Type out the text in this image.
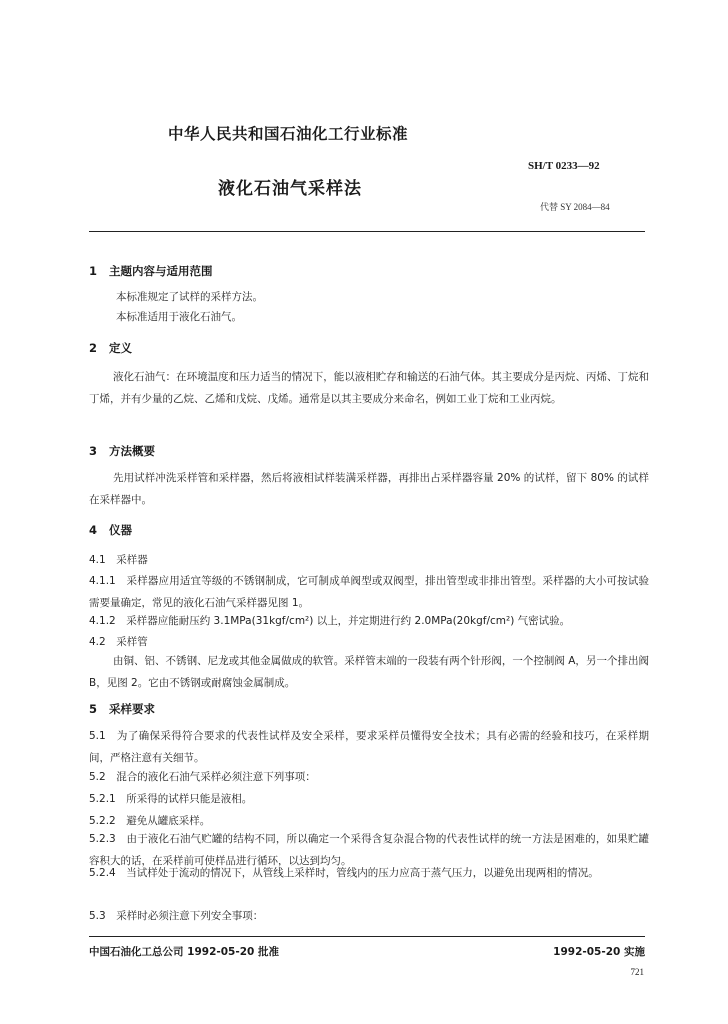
中华人民共和国石油化工行业标准
SH/T 0233—92
液化石油气采样法
代替 SY 2084—84
1 主题内容与适用范围
本标准规定了试样的采样方法。
本标准适用于液化石油气。
2 定义

液化石油气：在环境温度和压力适当的情况下，能以液相贮存和输送的石油气体。其主要成分是丙烷、丙烯、丁烷和丁烯，并有少量的乙烷、乙烯和戊烷、戊烯。通常是以其主要成分来命名，例如工业丁烷和工业丙烷。

3 方法概要

先用试样冲洗采样管和采样器，然后将液相试样装满采样器，再排出占采样器容量 20% 的试样，留下 80% 的试样在采样器中。

4 仪器
4.1　采样器

4.1.1　采样器应用适宜等级的不锈钢制成，它可制成单阀型或双阀型，排出管型或非排出管型。采样器的大小可按试验需要量确定，常见的液化石油气采样器见图 1。

4.1.2　采样器应能耐压约 3.1MPa(31kgf/cm²) 以上，并定期进行约 2.0MPa(20kgf/cm²) 气密试验。

4.2　采样管

由铜、铝、不锈钢、尼龙或其他金属做成的软管。采样管末端的一段装有两个针形阀，一个控制阀 A，另一个排出阀 B，见图 2。它由不锈钢或耐腐蚀金属制成。

5 采样要求

5.1　为了确保采得符合要求的代表性试样及安全采样，要求采样员懂得安全技术；具有必需的经验和技巧，在采样期间，严格注意有关细节。

5.2　混合的液化石油气采样必须注意下列事项：
5.2.1　所采得的试样只能是液相。
5.2.2　避免从罐底采样。

5.2.3　由于液化石油气贮罐的结构不同，所以确定一个采得含复杂混合物的代表性试样的统一方法是困难的，如果贮罐容积大的话，在采样前可使样品进行循环，以达到均匀。

5.2.4　当试样处于流动的情况下，从管线上采样时，管线内的压力应高于蒸气压力，以避免出现两相的情况。

5.3　采样时必须注意下列安全事项：
中国石油化工总公司 1992-05-20 批准	1992-05-20 实施
721
